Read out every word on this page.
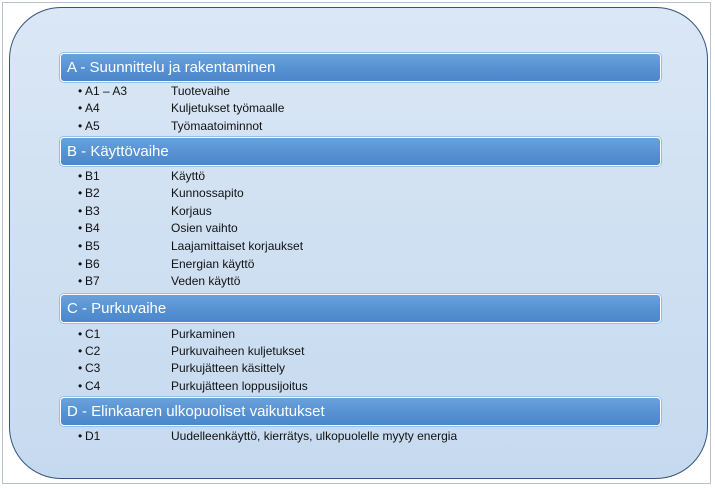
A - Suunnittelu ja rakentaminen
• A1 – A3	Tuotevaihe
• A4	Kuljetukset työmaalle
• A5	Työmaatoiminnot
B - Käyttövaihe
• B1	Käyttö
• B2	Kunnossapito
• B3	Korjaus
• B4	Osien vaihto
• B5	Laajamittaiset korjaukset
• B6	Energian käyttö
• B7	Veden käyttö
C - Purkuvaihe
• C1	Purkaminen
• C2	Purkuvaiheen kuljetukset
• C3	Purkujätteen käsittely
• C4	Purkujätteen loppusijoitus
D - Elinkaaren ulkopuoliset vaikutukset
• D1	Uudelleenkäyttö, kierrätys, ulkopuolelle myyty energia
